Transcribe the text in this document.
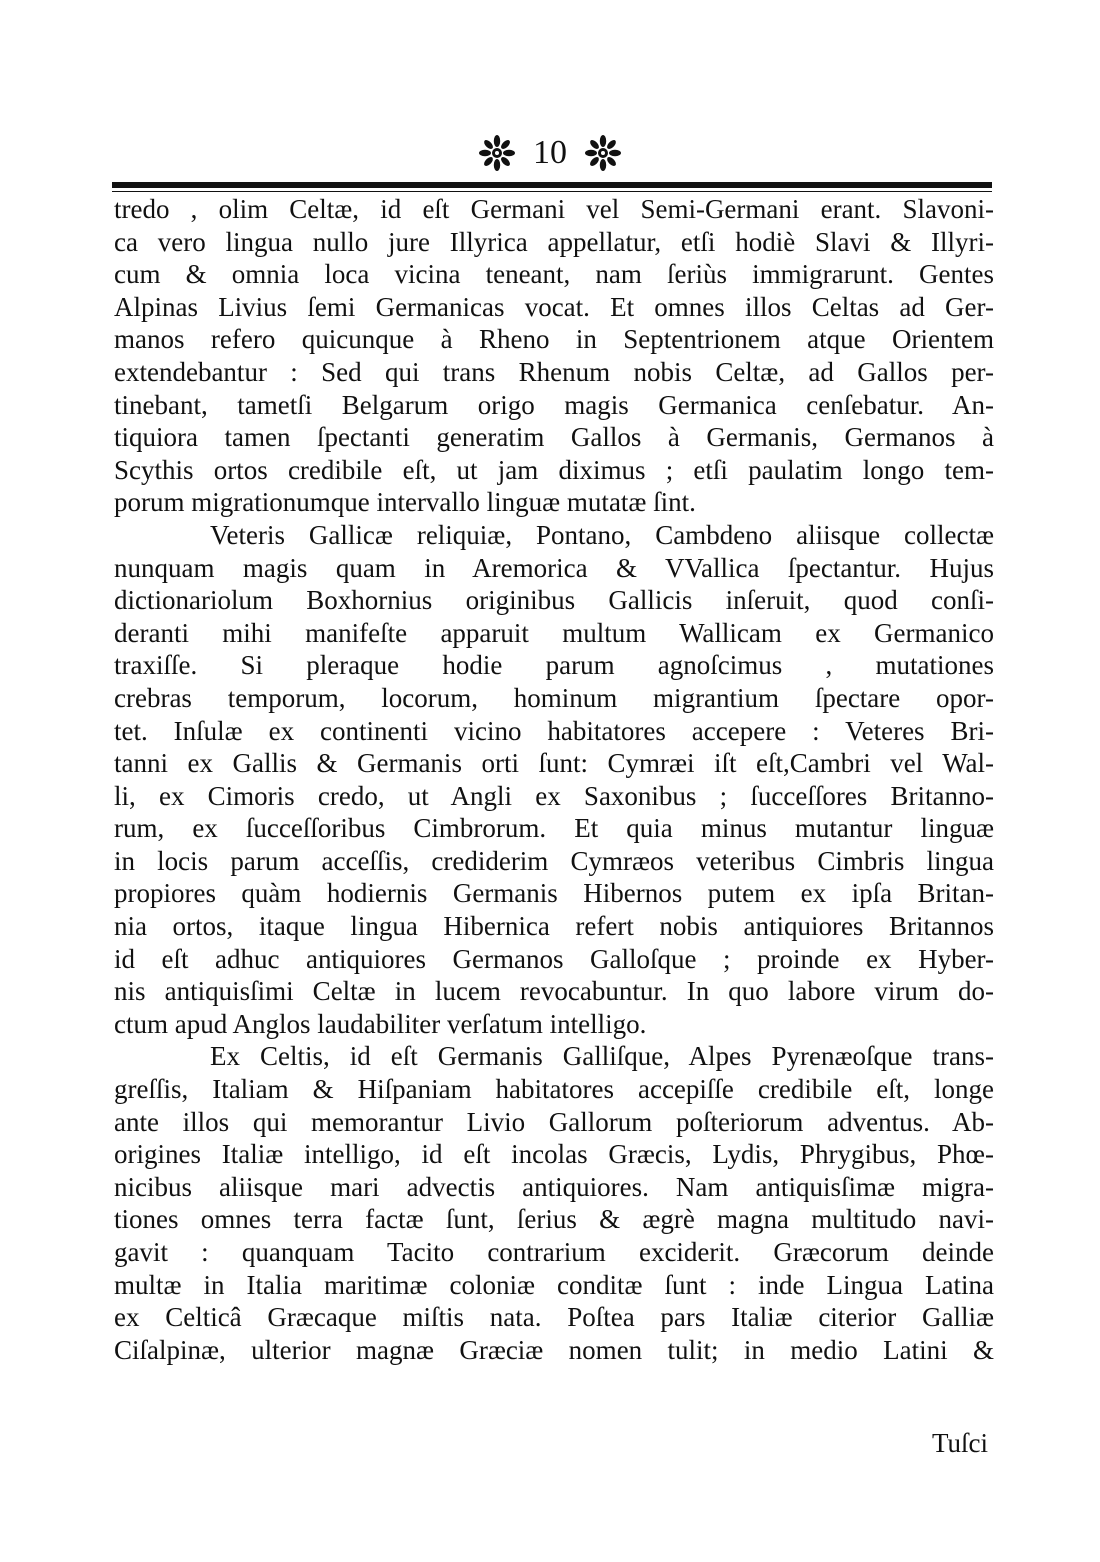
10
tredo , olim Celtæ, id eſt Germani vel Semi-Germani erant. Slavoni-
ca vero lingua nullo jure Illyrica appellatur, etſi hodiè Slavi & Illyri-
cum & omnia loca vicina teneant, nam ſeriùs immigrarunt. Gentes
Alpinas Livius ſemi Germanicas vocat. Et omnes illos Celtas ad Ger-
manos refero quicunque à Rheno in Septentrionem atque Orientem
extendebantur : Sed qui trans Rhenum nobis Celtæ, ad Gallos per-
tinebant, tametſi Belgarum origo magis Germanica cenſebatur. An-
tiquiora tamen ſpectanti generatim Gallos à Germanis, Germanos à
Scythis ortos credibile eſt, ut jam diximus ; etſi paulatim longo tem-
porum migrationumque intervallo linguæ mutatæ ſint.
Veteris Gallicæ reliquiæ, Pontano, Cambdeno aliisque collectæ
nunquam magis quam in Aremorica & VVallica ſpectantur. Hujus
dictionariolum Boxhornius originibus Gallicis inſeruit, quod conſi-
deranti mihi manifeſte apparuit multum Wallicam ex Germanico
traxiſſe. Si pleraque hodie parum agnoſcimus , mutationes
crebras temporum, locorum, hominum migrantium ſpectare opor-
tet. Inſulæ ex continenti vicino habitatores accepere : Veteres Bri-
tanni ex Gallis & Germanis orti ſunt: Cymræi iſt eſt,Cambri vel Wal-
li, ex Cimoris credo, ut Angli ex Saxonibus ; ſucceſſores Britanno-
rum, ex ſucceſſoribus Cimbrorum. Et quia minus mutantur linguæ
in locis parum acceſſis, crediderim Cymræos veteribus Cimbris lingua
propiores quàm hodiernis Germanis Hibernos putem ex ipſa Britan-
nia ortos, itaque lingua Hibernica refert nobis antiquiores Britannos
id eſt adhuc antiquiores Germanos Galloſque ; proinde ex Hyber-
nis antiquisſimi Celtæ in lucem revocabuntur. In quo labore virum do-
ctum apud Anglos laudabiliter verſatum intelligo.
Ex Celtis, id eſt Germanis Galliſque, Alpes Pyrenæoſque trans-
greſſis, Italiam & Hiſpaniam habitatores accepiſſe credibile eſt, longe
ante illos qui memorantur Livio Gallorum poſteriorum adventus. Ab-
origines Italiæ intelligo, id eſt incolas Græcis, Lydis, Phrygibus, Phœ-
nicibus aliisque mari advectis antiquiores. Nam antiquisſimæ migra-
tiones omnes terra factæ ſunt, ſerius & ægrè magna multitudo navi-
gavit : quanquam Tacito contrarium exciderit. Græcorum deinde
multæ in Italia maritimæ coloniæ conditæ ſunt : inde Lingua Latina
ex Celticâ Græcaque miſtis nata. Poſtea pars Italiæ citerior Galliæ
Ciſalpinæ, ulterior magnæ Græciæ nomen tulit; in medio Latini &
Tuſci
